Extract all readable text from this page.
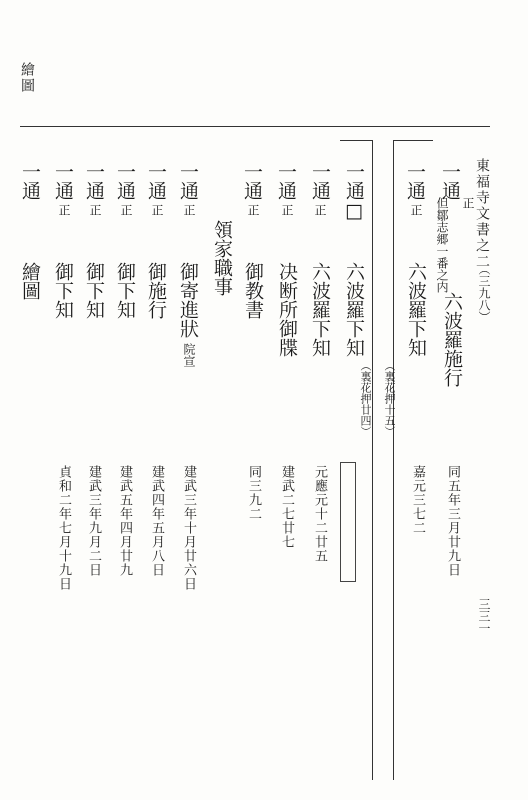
繪圖
東福寺文書之二
（三九八）
三三一
一通
正
但鄒志郷一番之内
六波羅施行
同五年三月廿九日
一通
正
六波羅下知
（裏花押十五）
嘉元三七二
一通□
六波羅下知
（裏花押廿四）
一通
正
六波羅下知
元應元十二廿五
一通
正
决断所御牒
建武二七廿七
一通
正
御教書
同三九二
領家職事
一通
正
御寄進狀
院宣
建武三年十月廿六日
一通
正
御施行
建武四年五月八日
一通
正
御下知
建武五年四月廿九
一通
正
御下知
建武三年九月二日
一通
正
御下知
貞和二年七月十九日
一通
繪圖
